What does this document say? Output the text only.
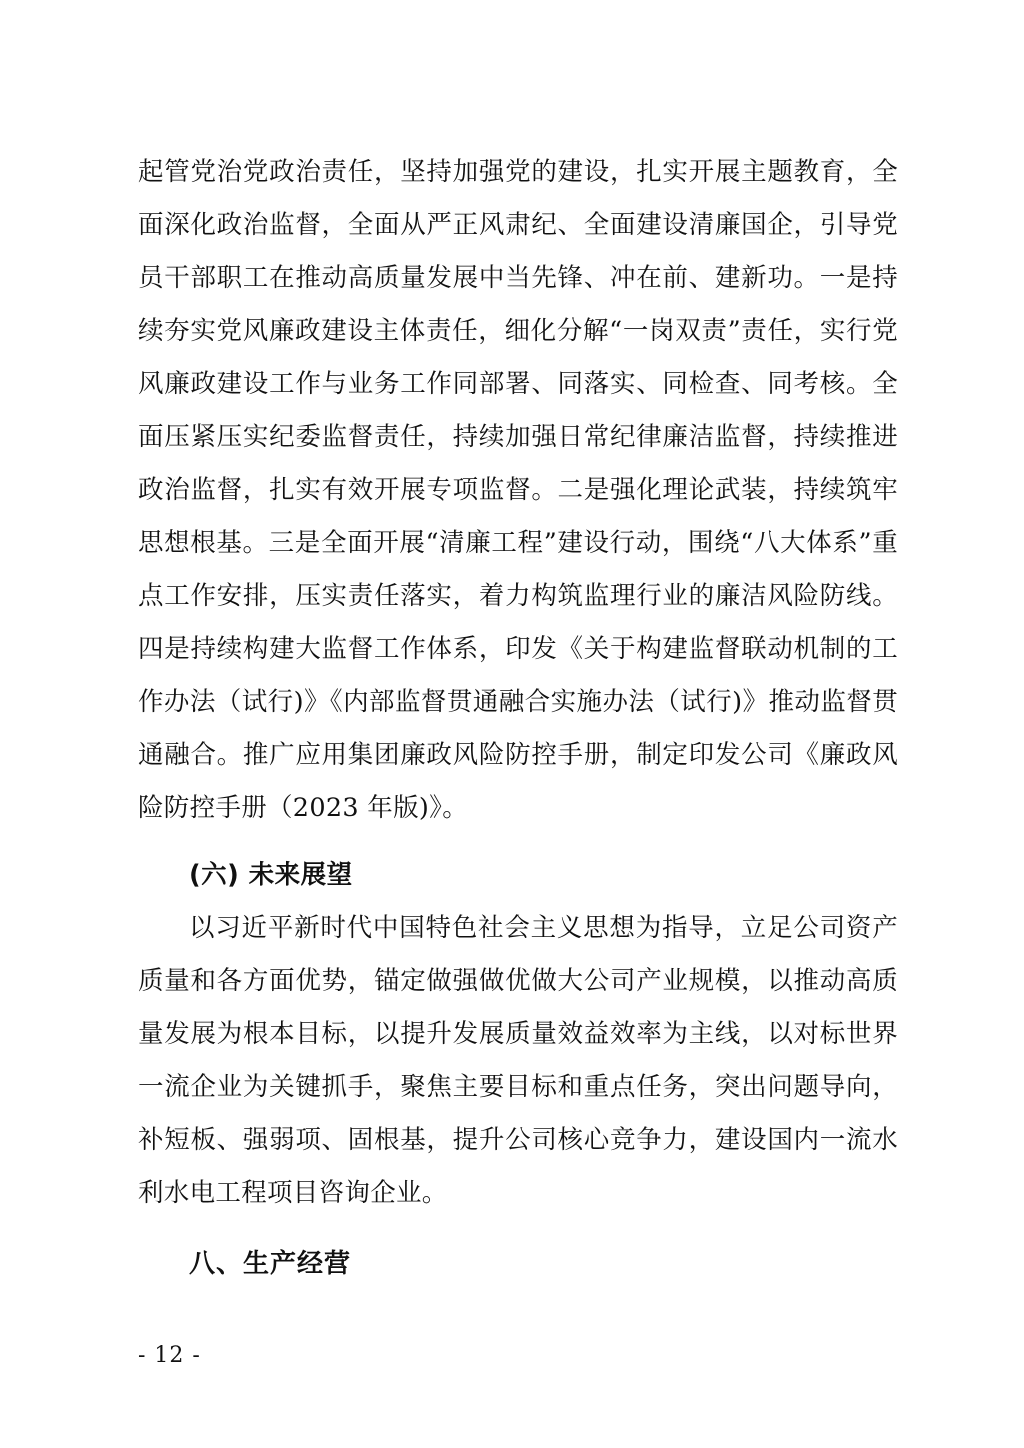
起管党治党政治责任，坚持加强党的建设，扎实开展主题教育，全面深化政治监督，全面从严正风肃纪、全面建设清廉国企，引导党员干部职工在推动高质量发展中当先锋、冲在前、建新功。一是持续夯实党风廉政建设主体责任，细化分解“一岗双责”责任，实行党风廉政建设工作与业务工作同部署、同落实、同检查、同考核。全面压紧压实纪委监督责任，持续加强日常纪律廉洁监督，持续推进政治监督，扎实有效开展专项监督。二是强化理论武装，持续筑牢思想根基。三是全面开展“清廉工程”建设行动，围绕“八大体系”重点工作安排，压实责任落实，着力构筑监理行业的廉洁风险防线。四是持续构建大监督工作体系，印发《关于构建监督联动机制的工作办法（试行)》《内部监督贯通融合实施办法（试行)》推动监督贯通融合。推广应用集团廉政风险防控手册，制定印发公司《廉政风险防控手册（2023 年版)》。

(六) 未来展望

以习近平新时代中国特色社会主义思想为指导，立足公司资产质量和各方面优势，锚定做强做优做大公司产业规模，以推动高质量发展为根本目标，以提升发展质量效益效率为主线，以对标世界一流企业为关键抓手，聚焦主要目标和重点任务，突出问题导向，补短板、强弱项、固根基，提升公司核心竞争力，建设国内一流水利水电工程项目咨询企业。

八、生产经营
- 12 -
